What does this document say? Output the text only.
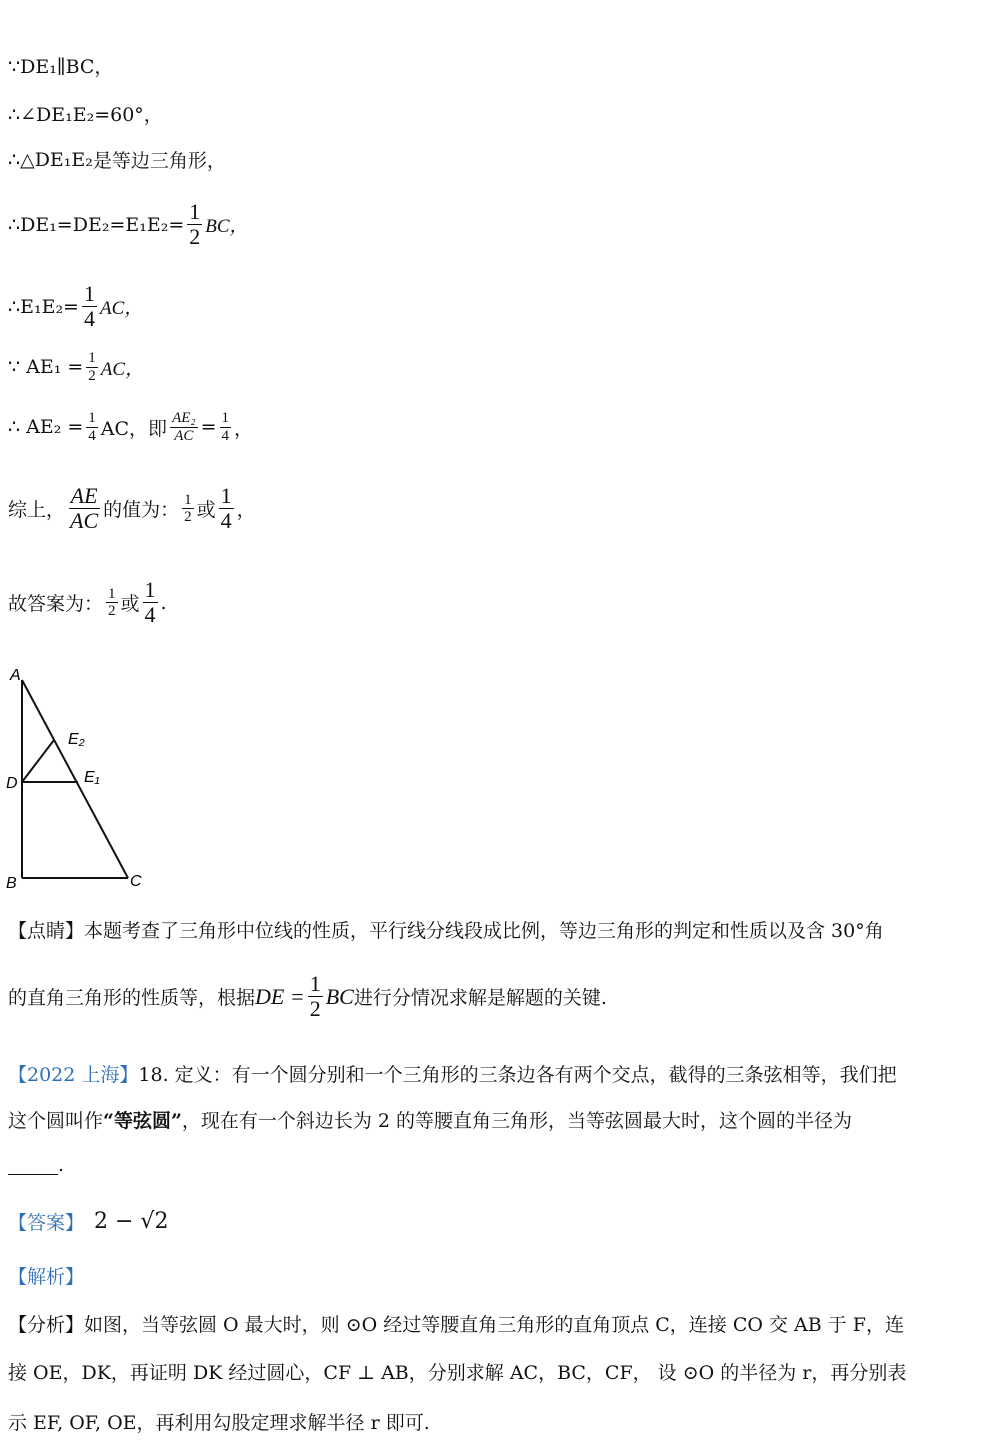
∵DE₁∥BC，
∴∠DE₁E₂=60°，
∴△DE₁E₂ 是等边三角形，
∴DE₁=DE₂=E₁E₂= $\frac{1}{2}$ BC，
∴E₁E₂= $\frac{1}{4}$ AC，
∵ $AE_1 = \frac{1}{2}$ AC，
∴ $AE_2 = \frac{1}{4}$ AC，即 $\frac{\text{AE₂}}{AC} = \frac{1}{4}$ ，
综上， $\frac{AE}{AC}$ 的值为： $\frac{1}{2}$ 或 $\frac{1}{4}$ ，
故答案为： $\frac{1}{2}$ 或 $\frac{1}{4}$ .
A
D
B	C
E₂
E₁
【点睛】本题考查了三角形中位线的性质，平行线分线段成比例，等边三角形的判定和性质以及含 30°角
的直角三角形的性质等，根据 DE = $\frac{1}{2}$ BC 进行分情况求解是解题的关键.
【2022 上海】 18. 定义：有一个圆分别和一个三角形的三条边各有两个交点，截得的三条弦相等，我们把
这个圆叫作 “等弦圆” ，现在有一个斜边长为 2 的等腰直角三角形，当等弦圆最大时，这个圆的半径为
.
【答案】 2 − √2
【解析】
【分析】如图，当等弦圆 O 最大时，则 ⊙O 经过等腰直角三角形的直角顶点 C，连接 CO 交 AB 于 F，连
接 OE，DK，再证明 DK 经过圆心，CF ⊥ AB，分别求解 AC，BC，CF， 设 ⊙O 的半径为 r，再分别表
示 EF, OF, OE，再利用勾股定理求解半径 r 即可.
